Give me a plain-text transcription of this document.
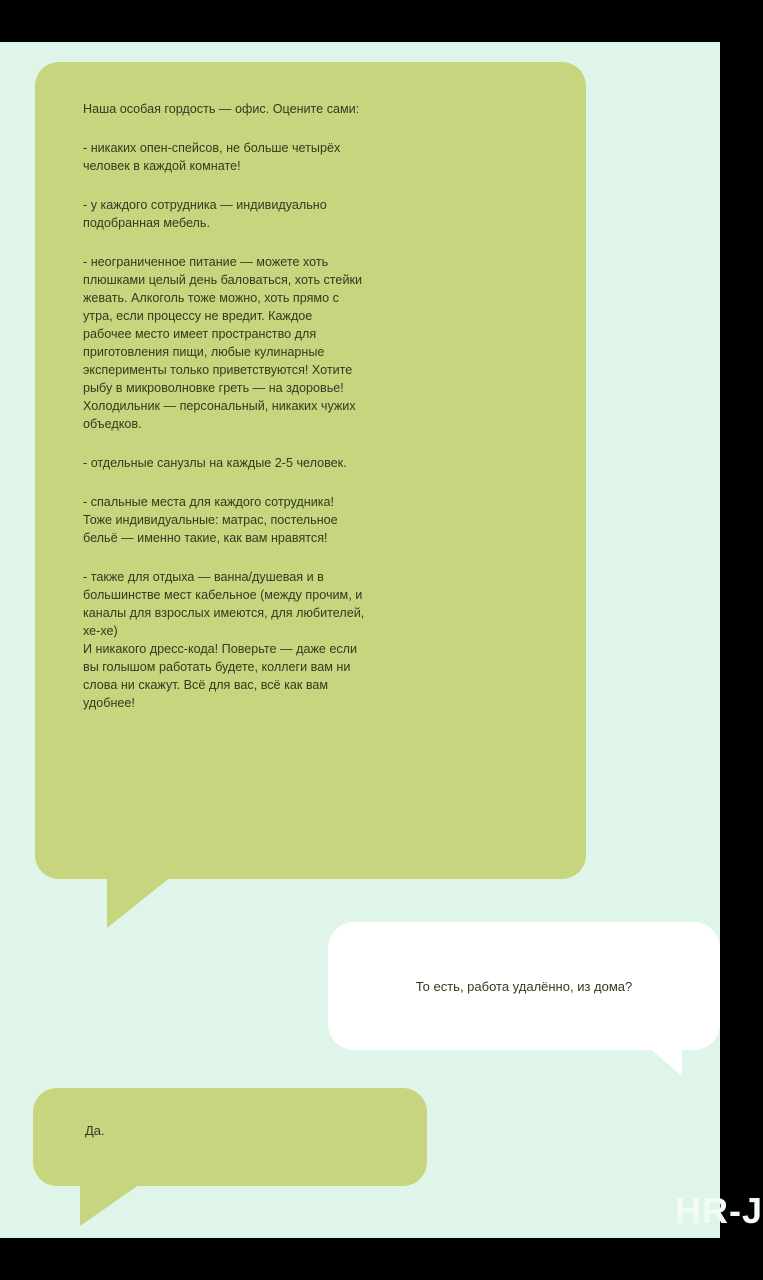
Наша особая гордость — офис. Оцените сами:

- никаких опен-спейсов, не больше четырёх
человек в каждой комнате!

- у каждого сотрудника — индивидуально
подобранная мебель.

- неограниченное питание — можете хоть
плюшками целый день баловаться, хоть стейки
жевать. Алкоголь тоже можно, хоть прямо с
утра, если процессу не вредит. Каждое
рабочее место имеет пространство для
приготовления пищи, любые кулинарные
эксперименты только приветствуются! Хотите
рыбу в микроволновке греть — на здоровье!
Холодильник — персональный, никаких чужих
объедков.

- отдельные санузлы на каждые 2-5 человек.

- спальные места для каждого сотрудника!
Тоже индивидуальные: матрас, постельное
бельё — именно такие, как вам нравятся!

- также для отдыха — ванна/душевая и в
большинстве мест кабельное (между прочим, и
каналы для взрослых имеются, для любителей,
хе-хе)
И никакого дресс-кода! Поверьте — даже если
вы голышом работать будете, коллеги вам ни
слова ни скажут. Всё для вас, всё как вам
удобнее!

То есть, работа удалённо, из дома?
Да.
HR-J
